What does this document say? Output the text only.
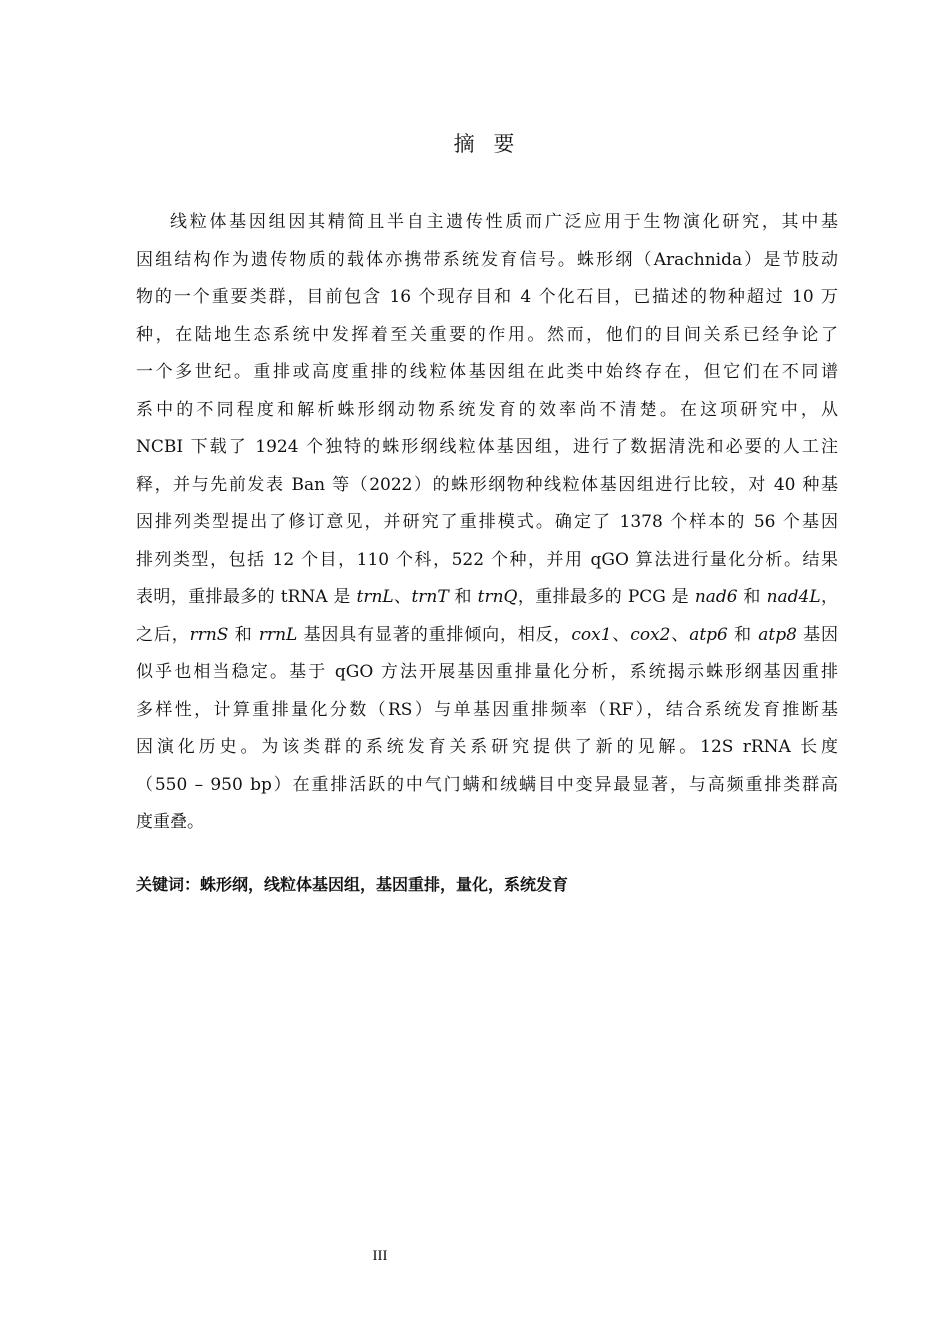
摘 要
线粒体基因组因其精简且半自主遗传性质而广泛应用于生物演化研究，其中基
因组结构作为遗传物质的载体亦携带系统发育信号。蛛形纲（Arachnida）是节肢动
物的一个重要类群，目前包含 16 个现存目和 4 个化石目，已描述的物种超过 10 万
种，在陆地生态系统中发挥着至关重要的作用。然而，他们的目间关系已经争论了
一个多世纪。重排或高度重排的线粒体基因组在此类中始终存在，但它们在不同谱
系中的不同程度和解析蛛形纲动物系统发育的效率尚不清楚。在这项研究中，从
NCBI 下载了 1924 个独特的蛛形纲线粒体基因组，进行了数据清洗和必要的人工注
释，并与先前发表 Ban 等（2022）的蛛形纲物种线粒体基因组进行比较，对 40 种基
因排列类型提出了修订意见，并研究了重排模式。确定了 1378 个样本的 56 个基因
排列类型，包括 12 个目，110 个科，522 个种，并用 qGO 算法进行量化分析。结果
表明，重排最多的 tRNA 是 trnL、trnT 和 trnQ，重排最多的 PCG 是 nad6 和 nad4L，
之后，rrnS 和 rrnL 基因具有显著的重排倾向，相反，cox1、cox2、atp6 和 atp8 基因
似乎也相当稳定。基于 qGO 方法开展基因重排量化分析，系统揭示蛛形纲基因重排
多样性，计算重排量化分数（RS）与单基因重排频率（RF），结合系统发育推断基
因演化历史。为该类群的系统发育关系研究提供了新的见解。12S rRNA 长度
（550 – 950 bp）在重排活跃的中气门螨和绒螨目中变异最显著，与高频重排类群高
度重叠。
关键词：蛛形纲，线粒体基因组，基因重排，量化，系统发育
III
